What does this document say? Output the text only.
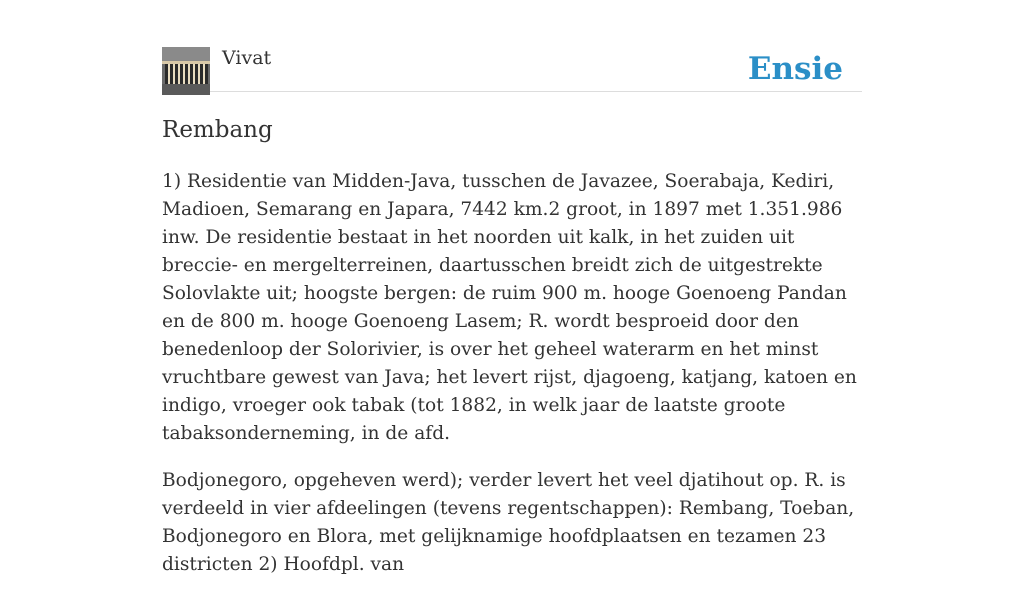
Vivat	Ensie
Rembang

1) Residentie van Midden-Java, tusschen de Javazee, Soerabaja, Kediri, Madioen, Semarang en Japara, 7442 km.2 groot, in 1897 met 1.351.986 inw. De residentie bestaat in het noorden uit kalk, in het zuiden uit breccie- en mergelterreinen, daartusschen breidt zich de uitgestrekte Solovlakte uit; hoogste bergen: de ruim 900 m. hooge Goenoeng Pandan en de 800 m. hooge Goenoeng Lasem; R. wordt besproeid door den benedenloop der Solorivier, is over het geheel waterarm en het minst vruchtbare gewest van Java; het levert rijst, djagoeng, katjang, katoen en indigo, vroeger ook tabak (tot 1882, in welk jaar de laatste groote tabaksonderneming, in de afd.

Bodjonegoro, opgeheven werd); verder levert het veel djatihout op. R. is verdeeld in vier afdeelingen (tevens regentschappen): Rembang, Toeban, Bodjonegoro en Blora, met gelijknamige hoofdplaatsen en tezamen 23 districten 2) Hoofdpl. van
